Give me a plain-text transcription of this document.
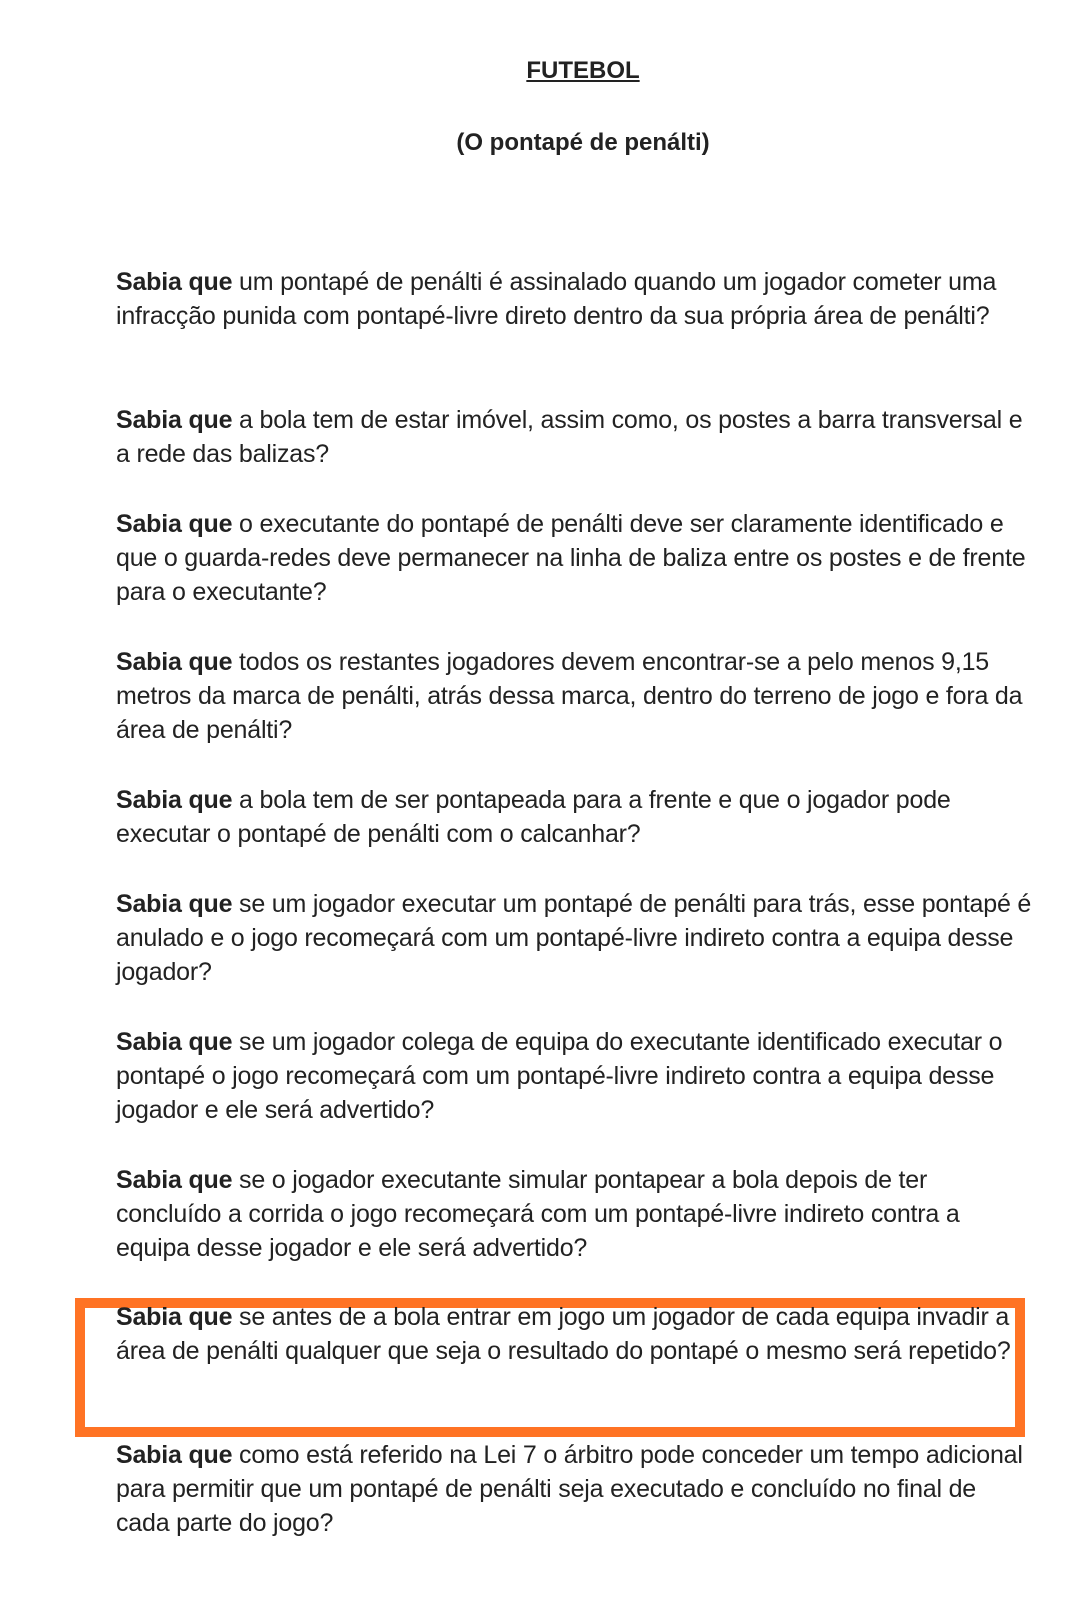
FUTEBOL
(O pontapé de penálti)

Sabia que um pontapé de penálti é assinalado quando um jogador cometer uma infracção punida com pontapé-livre direto dentro da sua própria área de penálti?

Sabia que a bola tem de estar imóvel, assim como, os postes a barra transversal e a rede das balizas?

Sabia que o executante do pontapé de penálti deve ser claramente identificado e que o guarda-redes deve permanecer na linha de baliza entre os postes e de frente para o executante?

Sabia que todos os restantes jogadores devem encontrar-se a pelo menos 9,15 metros da marca de penálti, atrás dessa marca, dentro do terreno de jogo e fora da área de penálti?

Sabia que a bola tem de ser pontapeada para a frente e que o jogador pode executar o pontapé de penálti com o calcanhar?

Sabia que se um jogador executar um pontapé de penálti para trás, esse pontapé é anulado e o jogo recomeçará com um pontapé-livre indireto contra a equipa desse jogador?

Sabia que se um jogador colega de equipa do executante identificado executar o pontapé o jogo recomeçará com um pontapé-livre indireto contra a equipa desse jogador e ele será advertido?

Sabia que se o jogador executante simular pontapear a bola depois de ter concluído a corrida o jogo recomeçará com um pontapé-livre indireto contra a equipa desse jogador e ele será advertido?

Sabia que se antes de a bola entrar em jogo um jogador de cada equipa invadir a área de penálti qualquer que seja o resultado do pontapé o mesmo será repetido?

Sabia que como está referido na Lei 7 o árbitro pode conceder um tempo adicional para permitir que um pontapé de penálti seja executado e concluído no final de cada parte do jogo?
